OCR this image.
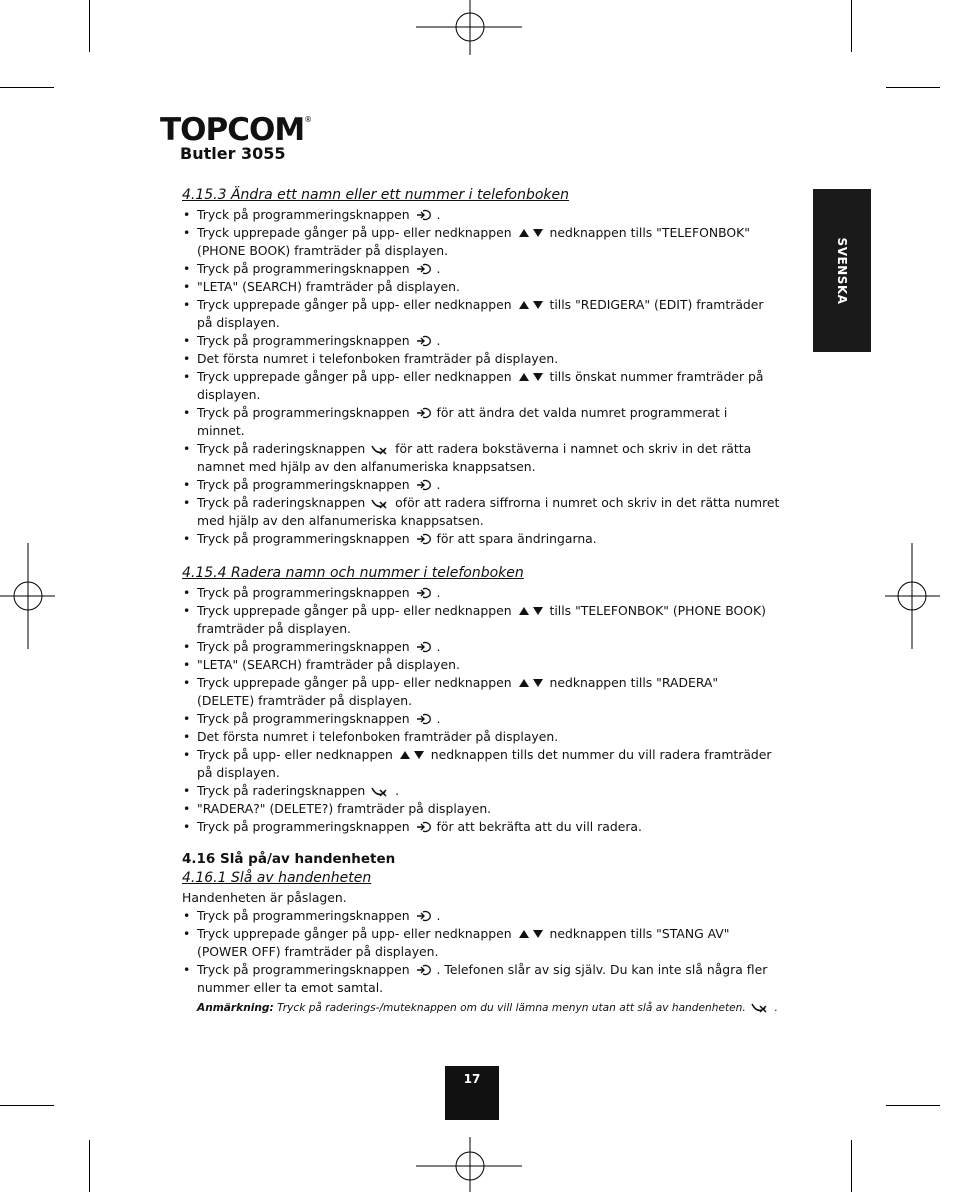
TOPCOM®
Butler 3055
SVENSKA
4.15.3 Ändra ett namn eller ett nummer i telefonboken
• Tryck på programmeringsknappen .
• Tryck upprepade gånger på upp- eller nedknappen	nedknappen tills "TELEFONBOK"
(PHONE BOOK) framträder på displayen.
• Tryck på programmeringsknappen .
• "LETA" (SEARCH) framträder på displayen.
• Tryck upprepade gånger på upp- eller nedknappen	tills "REDIGERA" (EDIT) framträder
på displayen.
• Tryck på programmeringsknappen .
• Det första numret i telefonboken framträder på displayen.
• Tryck upprepade gånger på upp- eller nedknappen	tills önskat nummer framträder på
displayen.
• Tryck på programmeringsknappen för att ändra det valda numret programmerat i
minnet.
• Tryck på raderingsknappen för att radera bokstäverna i namnet och skriv in det rätta
namnet med hjälp av den alfanumeriska knappsatsen.
• Tryck på programmeringsknappen .
• Tryck på raderingsknappen oför att radera siffrorna i numret och skriv in det rätta numret
med hjälp av den alfanumeriska knappsatsen.
• Tryck på programmeringsknappen för att spara ändringarna.
4.15.4 Radera namn och nummer i telefonboken
• Tryck på programmeringsknappen .
• Tryck upprepade gånger på upp- eller nedknappen	tills "TELEFONBOK" (PHONE BOOK)
framträder på displayen.
• Tryck på programmeringsknappen .
• "LETA" (SEARCH) framträder på displayen.
• Tryck upprepade gånger på upp- eller nedknappen	nedknappen tills "RADERA"
(DELETE) framträder på displayen.
• Tryck på programmeringsknappen .
• Det första numret i telefonboken framträder på displayen.
• Tryck på upp- eller nedknappen	nedknappen tills det nummer du vill radera framträder
på displayen.
• Tryck på raderingsknappen .
• "RADERA?" (DELETE?) framträder på displayen.
• Tryck på programmeringsknappen för att bekräfta att du vill radera.
4.16 Slå på/av handenheten
4.16.1 Slå av handenheten

Handenheten är påslagen.

• Tryck på programmeringsknappen .
• Tryck upprepade gånger på upp- eller nedknappen	nedknappen tills "STANG AV"
(POWER OFF) framträder på displayen.
• Tryck på programmeringsknappen . Telefonen slår av sig själv. Du kan inte slå några fler
nummer eller ta emot samtal.
Anmärkning: Tryck på raderings-/muteknappen om du vill lämna menyn utan att slå av handenheten.	.
17
